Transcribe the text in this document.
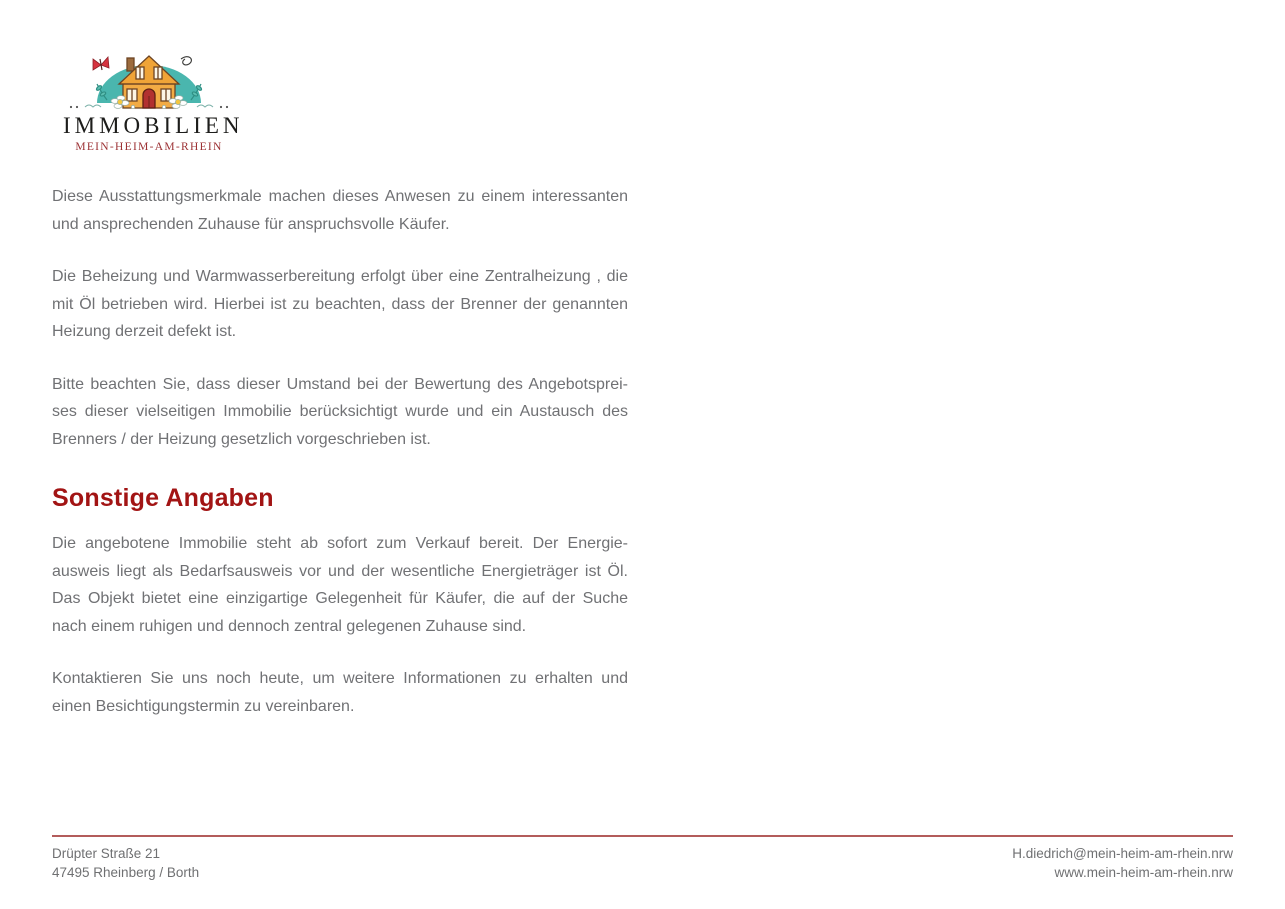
IMMOBILIEN
MEIN-HEIM-AM-RHEIN

Diese Ausstattungsmerkmale machen dieses Anwesen zu einem interessanten und ansprechenden Zuhause für anspruchsvolle Käufer.

Die Beheizung und Warmwasserbereitung erfolgt über eine Zentralheizung , die mit Öl betrieben wird. Hierbei ist zu beachten, dass der Brenner der genannten Heizung derzeit defekt ist.

Bitte beachten Sie, dass dieser Umstand bei der Bewertung des Angebotspreises dieser vielseitigen Immobilie berücksichtigt wurde und ein Austausch des Brenners / der Heizung gesetzlich vorgeschrieben ist.

Sonstige Angaben

Die angebotene Immobilie steht ab sofort zum Verkauf bereit. Der Energieausweis liegt als Bedarfsausweis vor und der wesentliche Energieträger ist Öl. Das Objekt bietet eine einzigartige Gelegenheit für Käufer, die auf der Suche nach einem ruhigen und dennoch zentral gelegenen Zuhause sind.

Kontaktieren Sie uns noch heute, um weitere Informationen zu erhalten und einen Besichtigungstermin zu vereinbaren.

Drüpter Straße 21
47495 Rheinberg / Borth
H.diedrich@mein-heim-am-rhein.nrw
www.mein-heim-am-rhein.nrw
